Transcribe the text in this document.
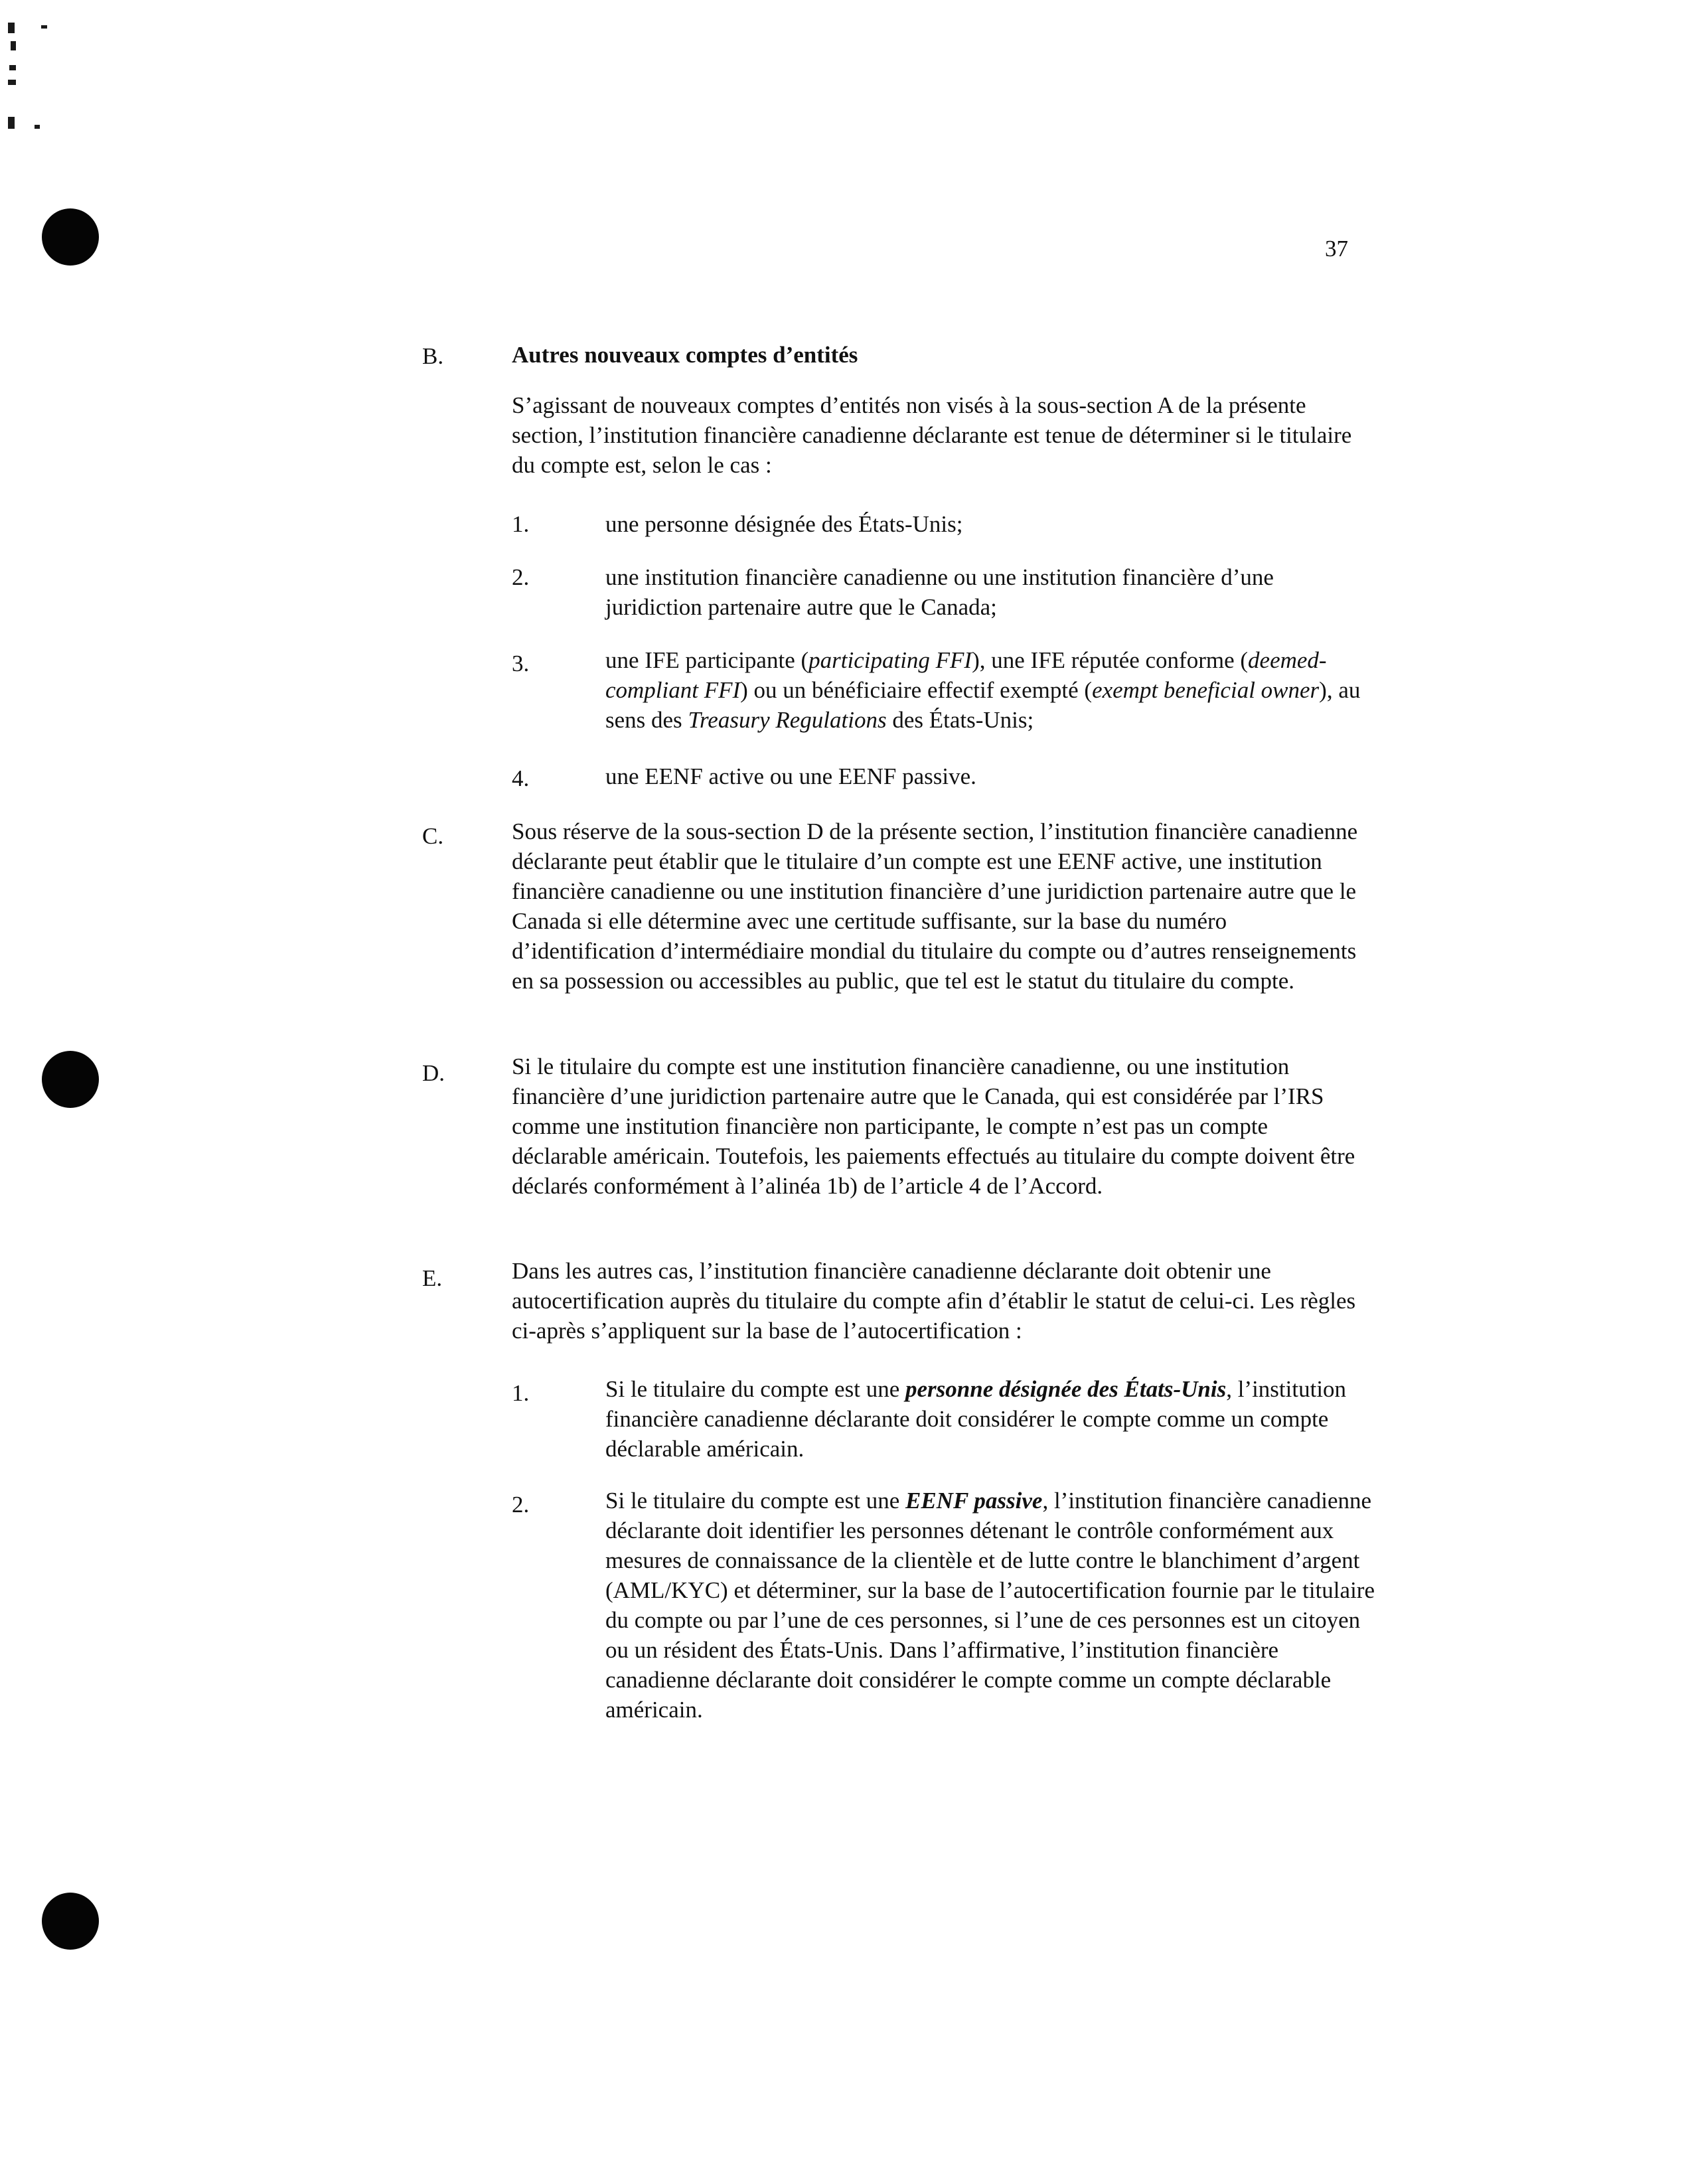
37
B.	Autres nouveaux comptes d’entités

S’agissant de nouveaux comptes d’entités non visés à la sous-section A de la présente section, l’institution financière canadienne déclarante est tenue de déterminer si le titulaire du compte est, selon le cas :

1.	une personne désignée des États-Unis;

2.	une institution financière canadienne ou une institution financière d’une juridiction partenaire autre que le Canada;

3.	une IFE participante (participating FFI), une IFE réputée conforme (deemed-compliant FFI) ou un bénéficiaire effectif exempté (exempt beneficial owner), au sens des Treasury Regulations des États-Unis;

4.	une EENF active ou une EENF passive.

C.	Sous réserve de la sous-section D de la présente section, l’institution financière canadienne déclarante peut établir que le titulaire d’un compte est une EENF active, une institution financière canadienne ou une institution financière d’une juridiction partenaire autre que le Canada si elle détermine avec une certitude suffisante, sur la base du numéro d’identification d’intermédiaire mondial du titulaire du compte ou d’autres renseignements en sa possession ou accessibles au public, que tel est le statut du titulaire du compte.

D.	Si le titulaire du compte est une institution financière canadienne, ou une institution financière d’une juridiction partenaire autre que le Canada, qui est considérée par l’IRS comme une institution financière non participante, le compte n’est pas un compte déclarable américain. Toutefois, les paiements effectués au titulaire du compte doivent être déclarés conformément à l’alinéa 1b) de l’article 4 de l’Accord.

E.	Dans les autres cas, l’institution financière canadienne déclarante doit obtenir une autocertification auprès du titulaire du compte afin d’établir le statut de celui-ci. Les règles ci-après s’appliquent sur la base de l’autocertification :

1.	Si le titulaire du compte est une personne désignée des États-Unis, l’institution financière canadienne déclarante doit considérer le compte comme un compte déclarable américain.

2.	Si le titulaire du compte est une EENF passive, l’institution financière canadienne déclarante doit identifier les personnes détenant le contrôle conformément aux mesures de connaissance de la clientèle et de lutte contre le blanchiment d’argent (AML/KYC) et déterminer, sur la base de l’autocertification fournie par le titulaire du compte ou par l’une de ces personnes, si l’une de ces personnes est un citoyen ou un résident des États-Unis. Dans l’affirmative, l’institution financière canadienne déclarante doit considérer le compte comme un compte déclarable américain.
